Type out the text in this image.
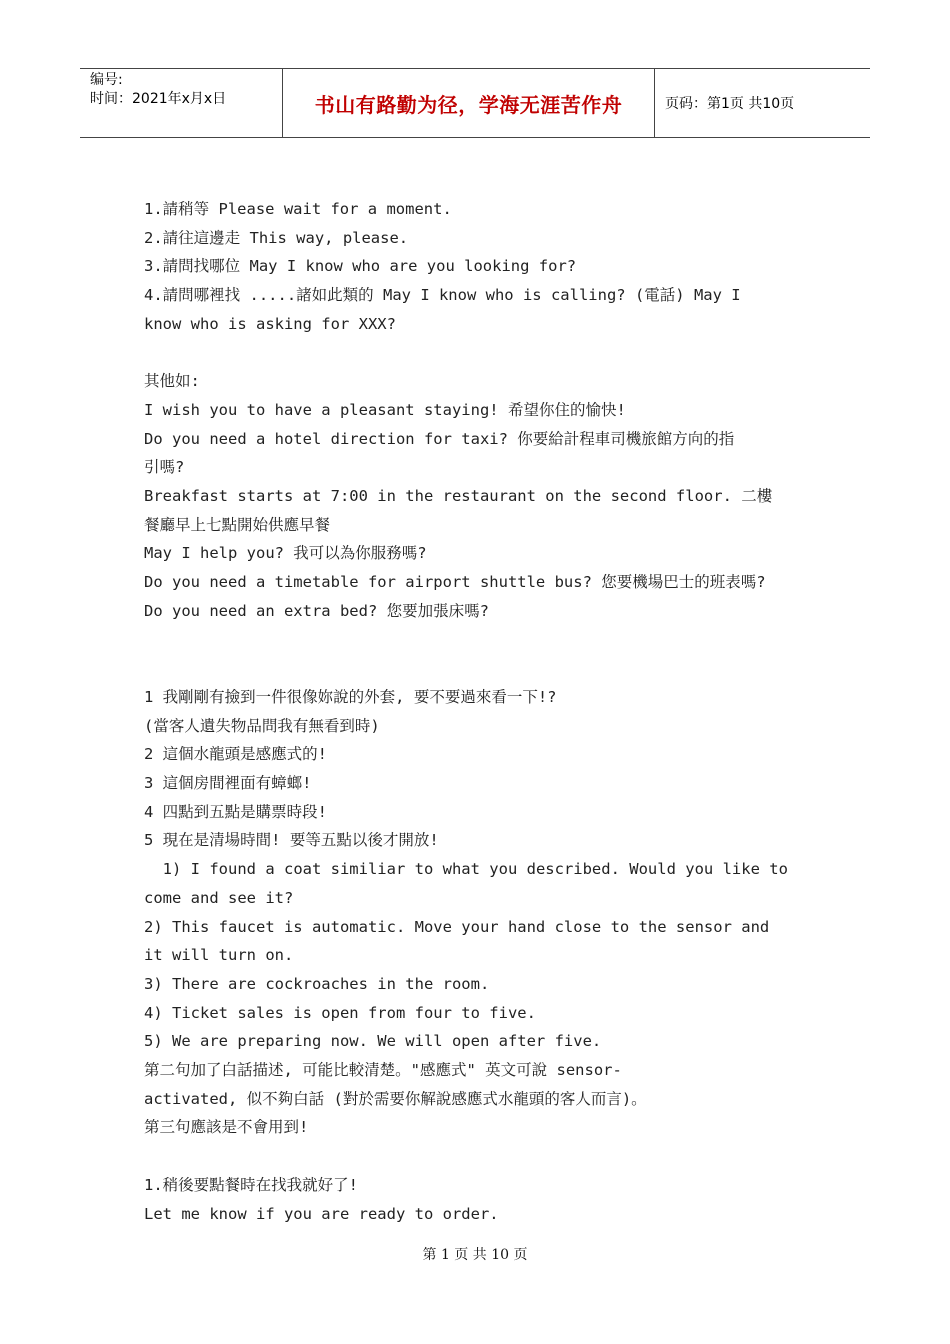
编号:
时间：2021年x月x日	书山有路勤为径，学海无涯苦作舟	页码：第1页 共10页
1.請稍等 Please wait for a moment.
2.請往這邊走 This way, please.
3.請問找哪位 May I know who are you looking for?
4.請問哪裡找 .....諸如此類的 May I know who is calling? (電話) May I
know who is asking for XXX?
其他如:
I wish you to have a pleasant staying! 希望你住的愉快!
Do you need a hotel direction for taxi? 你要給計程車司機旅館方向的指
引嗎?
Breakfast starts at 7:00 in the restaurant on the second floor. 二樓
餐廳早上七點開始供應早餐
May I help you? 我可以為你服務嗎?
Do you need a timetable for airport shuttle bus? 您要機場巴士的班表嗎?
Do you need an extra bed? 您要加張床嗎?
1 我剛剛有撿到一件很像妳說的外套, 要不要過來看一下!?
(當客人遺失物品問我有無看到時)
2 這個水龍頭是感應式的!
3 這個房間裡面有蟑螂!
4 四點到五點是購票時段!
5 現在是清場時間! 要等五點以後才開放!
1) I found a coat similiar to what you described. Would you like to
come and see it?
2) This faucet is automatic. Move your hand close to the sensor and
it will turn on.
3) There are cockroaches in the room.
4) Ticket sales is open from four to five.
5) We are preparing now. We will open after five.
第二句加了白話描述, 可能比較清楚。"感應式" 英文可說 sensor-
activated, 似不夠白話 (對於需要你解說感應式水龍頭的客人而言)。
第三句應該是不會用到!
1.稍後要點餐時在找我就好了!
Let me know if you are ready to order.
第 1 页 共 10 页
